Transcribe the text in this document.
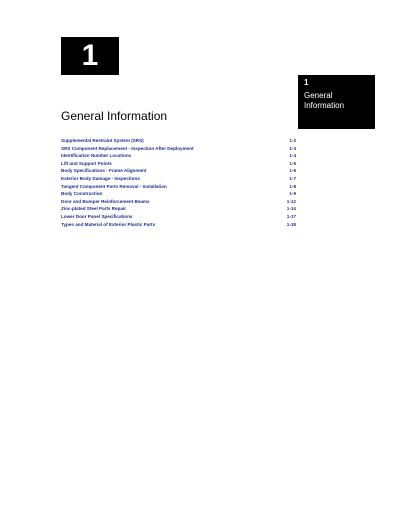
1
1
General
Information
General Information
Supplemental Restraint System (SRS)	1-2
SRS Component Replacement - Inspection After Deployment	1-3
Identification Number Locations	1-4
Lift and Support Points	1-5
Body Specifications - Frame Alignment	1-6
Exterior Body Damage - Inspections	1-7
Tangent Component Parts Removal - Installation	1-8
Body Construction	1-9
Door and Bumper Reinforcement Beams	1-12
Zinc-plated Steel Parts Repair	1-14
Lower Door Panel Specifications	1-17
Types and Material of Exterior Plastic Parts	1-18
